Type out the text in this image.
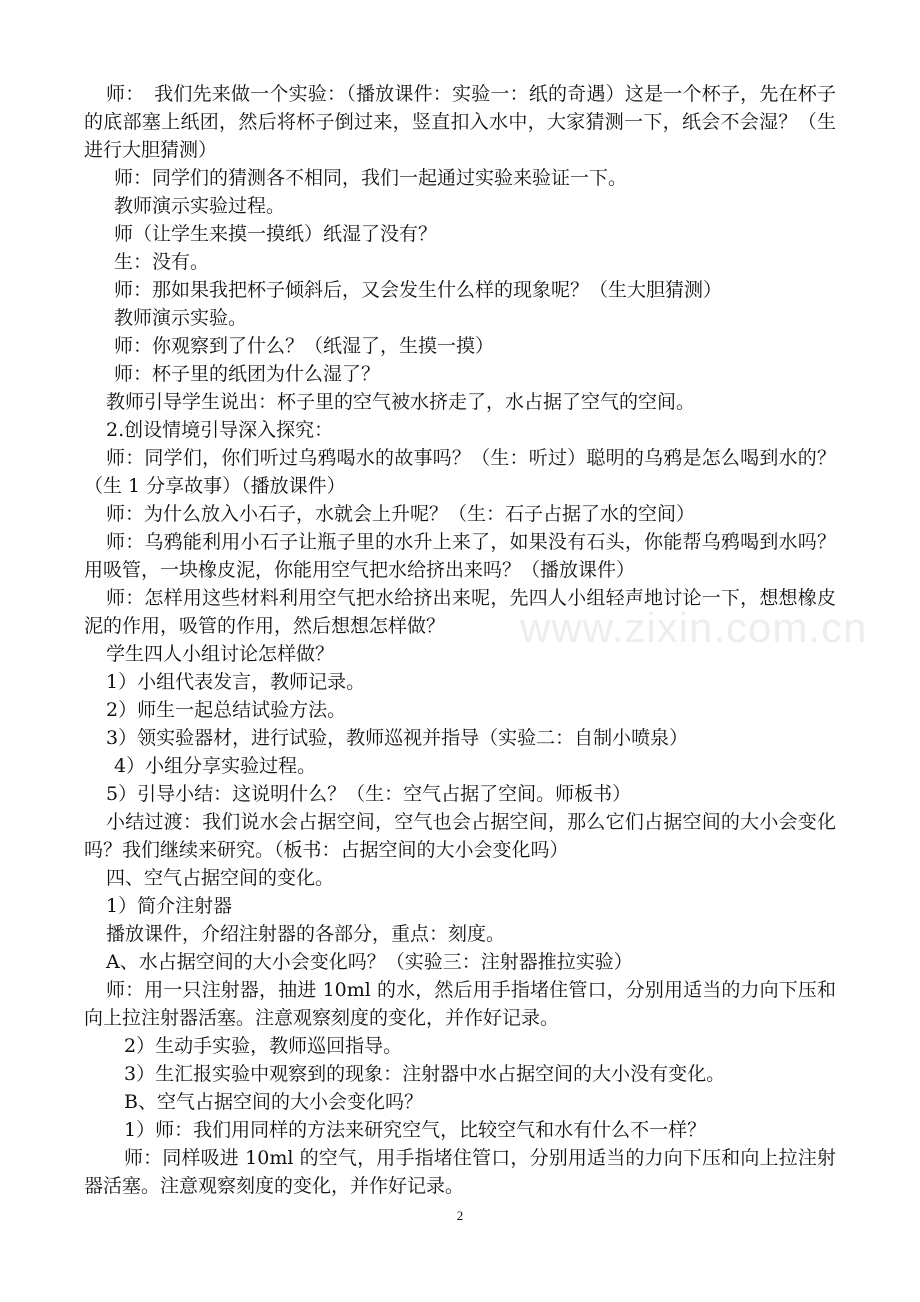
www.zixin.com.cn

师：　我们先来做一个实验：（播放课件：实验一：纸的奇遇）这是一个杯子，先在杯子的底部塞上纸团，然后将杯子倒过来，竖直扣入水中，大家猜测一下，纸会不会湿？（生进行大胆猜测）

师：同学们的猜测各不相同，我们一起通过实验来验证一下。

教师演示实验过程。

师（让学生来摸一摸纸）纸湿了没有？

生：没有。

师：那如果我把杯子倾斜后，又会发生什么样的现象呢？（生大胆猜测）

教师演示实验。

师：你观察到了什么？（纸湿了，生摸一摸）

师：杯子里的纸团为什么湿了？

教师引导学生说出：杯子里的空气被水挤走了，水占据了空气的空间。

2.创设情境引导深入探究：

师：同学们，你们听过乌鸦喝水的故事吗？（生：听过）聪明的乌鸦是怎么喝到水的？（生 1 分享故事）（播放课件）

师：为什么放入小石子，水就会上升呢？（生：石子占据了水的空间）

师：乌鸦能利用小石子让瓶子里的水升上来了，如果没有石头，你能帮乌鸦喝到水吗？用吸管，一块橡皮泥，你能用空气把水给挤出来吗？（播放课件）

师：怎样用这些材料利用空气把水给挤出来呢，先四人小组轻声地讨论一下，想想橡皮泥的作用，吸管的作用，然后想想怎样做？

学生四人小组讨论怎样做？

1）小组代表发言，教师记录。

2）师生一起总结试验方法。

3）领实验器材，进行试验，教师巡视并指导（实验二：自制小喷泉）

4）小组分享实验过程。

5）引导小结：这说明什么？（生：空气占据了空间。师板书）

小结过渡：我们说水会占据空间，空气也会占据空间，那么它们占据空间的大小会变化吗？我们继续来研究。（板书：占据空间的大小会变化吗）

四、空气占据空间的变化。

1）简介注射器

播放课件，介绍注射器的各部分，重点：刻度。

A、水占据空间的大小会变化吗？（实验三：注射器推拉实验）

师：用一只注射器，抽进 10ml 的水，然后用手指堵住管口，分别用适当的力向下压和向上拉注射器活塞。注意观察刻度的变化，并作好记录。

2）生动手实验，教师巡回指导。

3）生汇报实验中观察到的现象：注射器中水占据空间的大小没有变化。

B、空气占据空间的大小会变化吗？

1）师：我们用同样的方法来研究空气，比较空气和水有什么不一样？

师：同样吸进 10ml 的空气，用手指堵住管口，分别用适当的力向下压和向上拉注射器活塞。注意观察刻度的变化，并作好记录。

2
